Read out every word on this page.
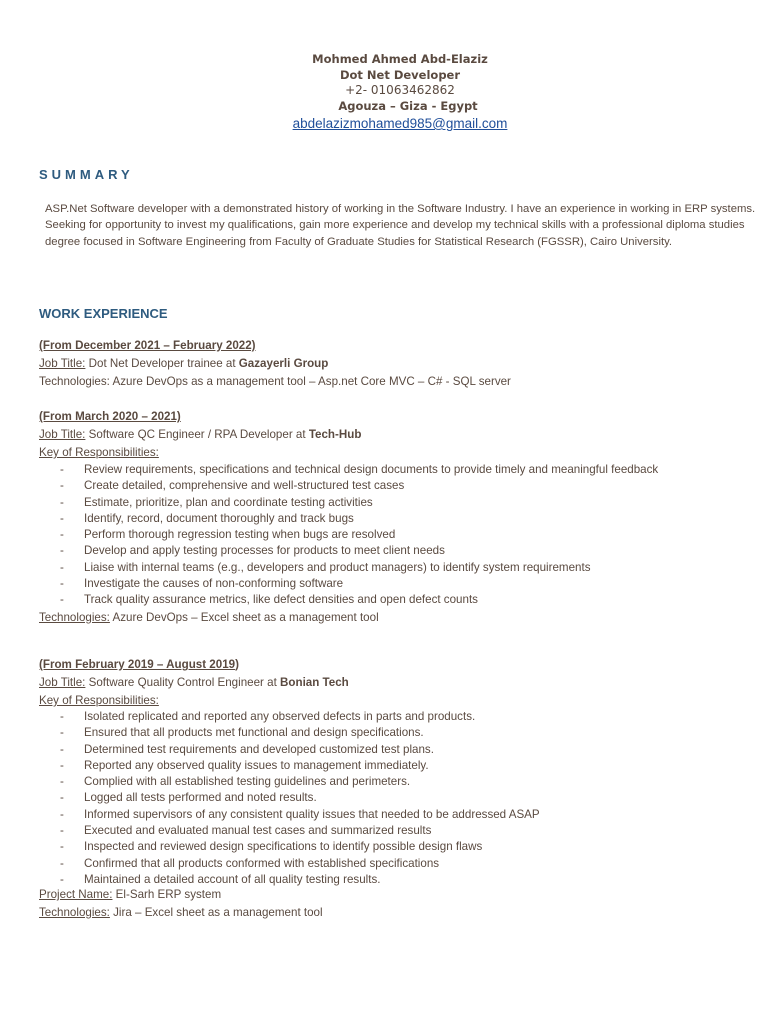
Mohmed Ahmed Abd-Elaziz
Dot Net Developer
+2- 01063462862
Agouza – Giza - Egypt
abdelazizmohamed985@gmail.com
SUMMARY
ASP.Net Software developer with a demonstrated history of working in the Software Industry. I have an experience in working in ERP systems. Seeking for opportunity to invest my qualifications, gain more experience and develop my technical skills with a professional diploma studies degree focused in Software Engineering from Faculty of Graduate Studies for Statistical Research (FGSSR), Cairo University.
WORK EXPERIENCE
(From December 2021 – February 2022)
Job Title: Dot Net Developer trainee at Gazayerli Group
Technologies: Azure DevOps as a management tool – Asp.net Core MVC – C# - SQL server
(From March 2020 – 2021)
Job Title: Software QC Engineer / RPA Developer at Tech-Hub
Key of Responsibilities:
- Review requirements, specifications and technical design documents to provide timely and meaningful feedback
- Create detailed, comprehensive and well-structured test cases
- Estimate, prioritize, plan and coordinate testing activities
- Identify, record, document thoroughly and track bugs
- Perform thorough regression testing when bugs are resolved
- Develop and apply testing processes for products to meet client needs
- Liaise with internal teams (e.g., developers and product managers) to identify system requirements
- Investigate the causes of non-conforming software
- Track quality assurance metrics, like defect densities and open defect counts
Technologies: Azure DevOps – Excel sheet as a management tool
(From February 2019 – August 2019)
Job Title: Software Quality Control Engineer at Bonian Tech
Key of Responsibilities:
- Isolated replicated and reported any observed defects in parts and products.
- Ensured that all products met functional and design specifications.
- Determined test requirements and developed customized test plans.
- Reported any observed quality issues to management immediately.
- Complied with all established testing guidelines and perimeters.
- Logged all tests performed and noted results.
- Informed supervisors of any consistent quality issues that needed to be addressed ASAP
- Executed and evaluated manual test cases and summarized results
- Inspected and reviewed design specifications to identify possible design flaws
- Confirmed that all products conformed with established specifications
- Maintained a detailed account of all quality testing results.
Project Name: El-Sarh ERP system
Technologies: Jira – Excel sheet as a management tool
